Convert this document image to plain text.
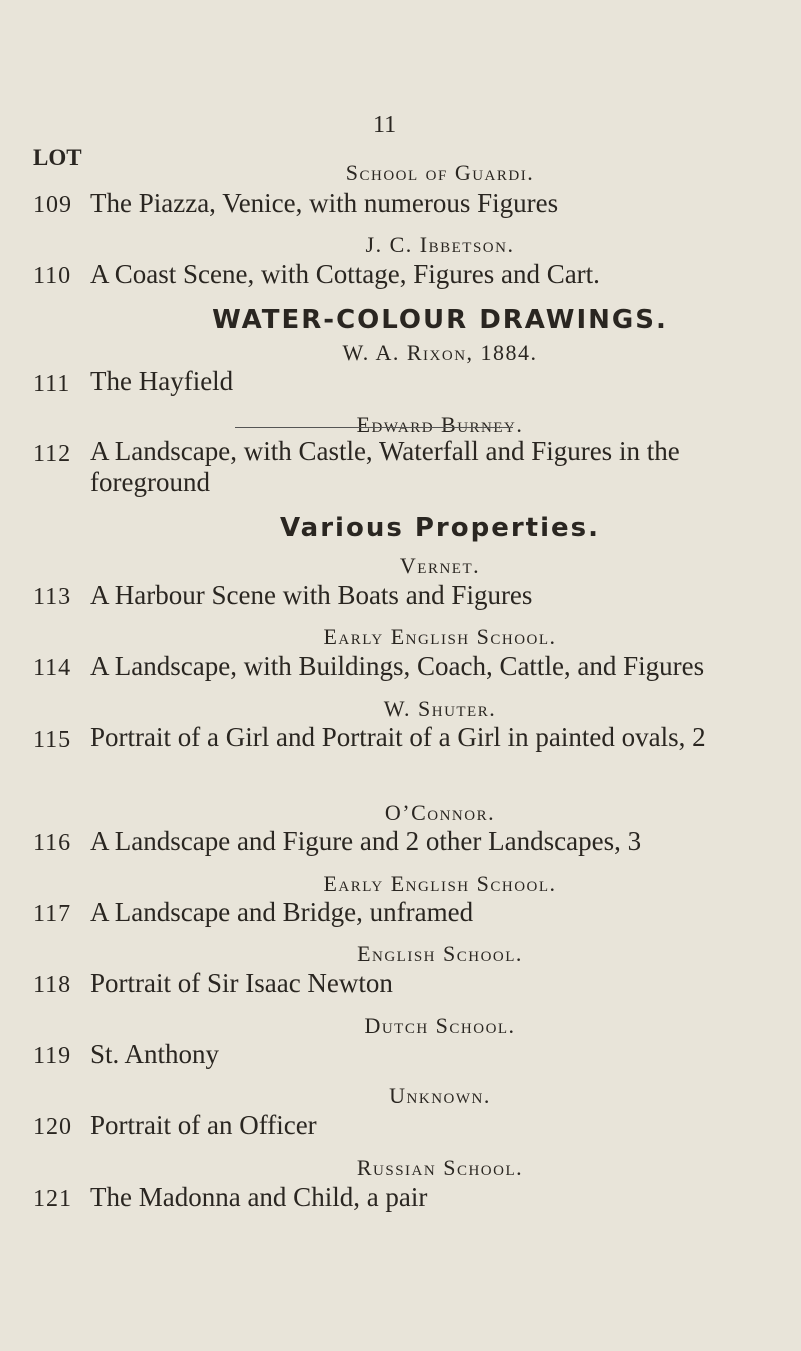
11
LOT
School of Guardi.
109 The Piazza, Venice, with numerous Figures
J. C. Ibbetson.
110 A Coast Scene, with Cottage, Figures and Cart.
WATER-COLOUR DRAWINGS.
W. A. Rixon, 1884.
111 The Hayfield
Edward Burney.
112 A Landscape, with Castle, Waterfall and Figures in the foreground
Various Properties.
Vernet.
113 A Harbour Scene with Boats and Figures
Early English School.
114 A Landscape, with Buildings, Coach, Cattle, and Figures
W. Shuter.
115 Portrait of a Girl and Portrait of a Girl in painted ovals, 2
O’Connor.
116 A Landscape and Figure and 2 other Landscapes, 3
Early English School.
117 A Landscape and Bridge, unframed
English School.
118 Portrait of Sir Isaac Newton
Dutch School.
119 St. Anthony
Unknown.
120 Portrait of an Officer
Russian School.
121 The Madonna and Child, a pair
